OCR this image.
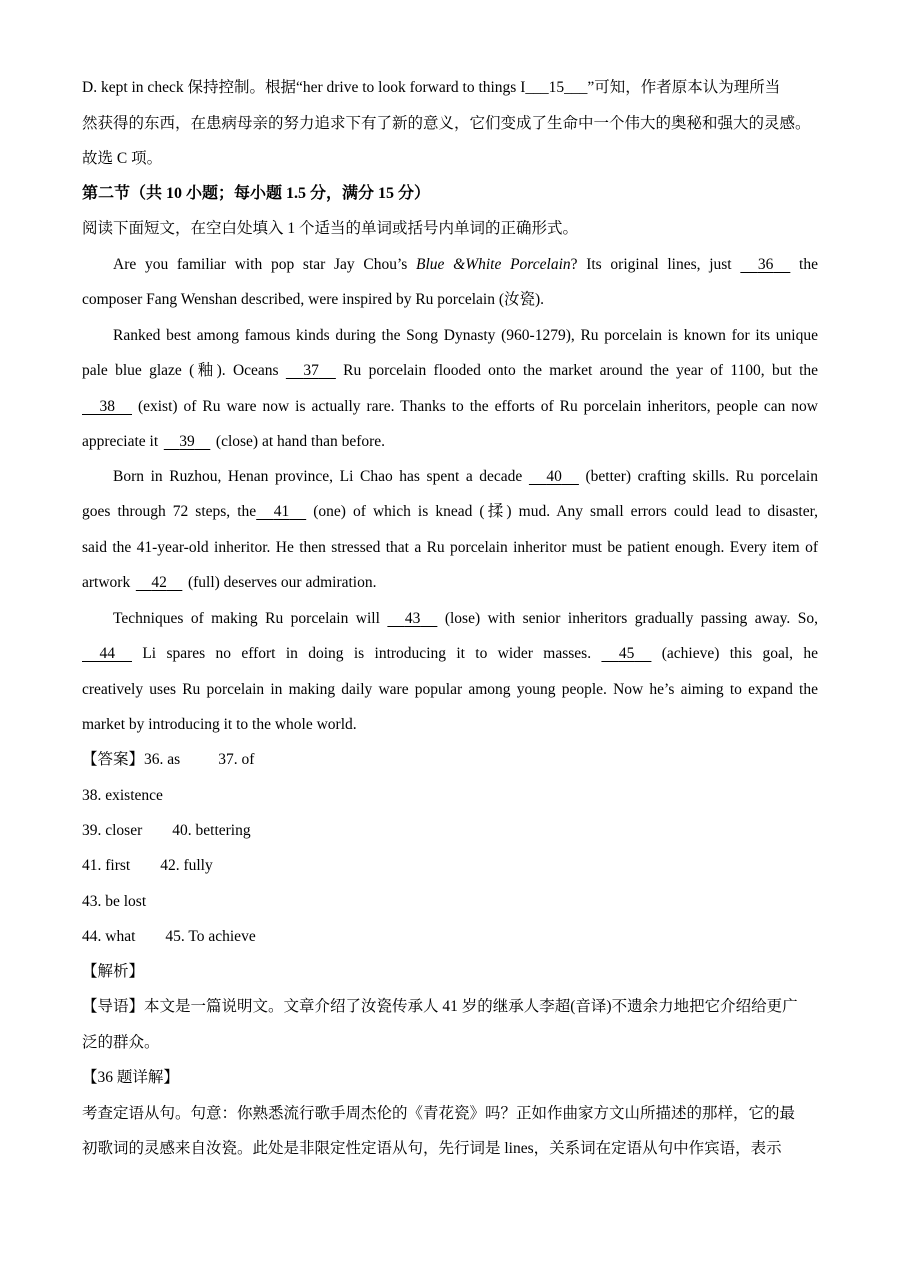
D. kept in check 保持控制。根据“her drive to look forward to things I___15___”可知，作者原本认为理所当
然获得的东西，在患病母亲的努力追求下有了新的意义，它们变成了生命中一个伟大的奥秘和强大的灵感。
故选 C 项。
第二节（共 10 小题；每小题 1.5 分，满分 15 分）
阅读下面短文，在空白处填入 1 个适当的单词或括号内单词的正确形式。
Are you familiar with pop star Jay Chou’s Blue &White Porcelain? Its original lines, just     36     the
composer Fang Wenshan described, were inspired by Ru porcelain (汝瓷).
Ranked best among famous kinds during the Song Dynasty (960-1279), Ru porcelain is known for its unique
pale blue glaze (釉). Oceans     37     Ru porcelain flooded onto the market around the year of 1100, but the
38     (exist) of Ru ware now is actually rare. Thanks to the efforts of Ru porcelain inheritors, people can now
appreciate it     39     (close) at hand than before.
Born in Ruzhou, Henan province, Li Chao has spent a decade     40     (better) crafting skills. Ru porcelain
goes through 72 steps, the 41     (one) of which is knead (揉) mud. Any small errors could lead to disaster,
said the 41-year-old inheritor. He then stressed that a Ru porcelain inheritor must be patient enough. Every item of
artwork     42     (full) deserves our admiration.
Techniques of making Ru porcelain will     43     (lose) with senior inheritors gradually passing away. So,
44     Li spares no effort in doing is introducing it to wider masses.     45     (achieve) this goal, he
creatively uses Ru porcelain in making daily ware popular among young people. Now he’s aiming to expand the
market by introducing it to the whole world.
【答案】36. as 37. of
38. existence
39. closer 40. bettering
41. first 42. fully
43. be lost
44. what 45. To achieve
【解析】
【导语】本文是一篇说明文。文章介绍了汝瓷传承人 41 岁的继承人李超(音译)不遗余力地把它介绍给更广
泛的群众。
【36 题详解】
考查定语从句。句意：你熟悉流行歌手周杰伦的《青花瓷》吗？正如作曲家方文山所描述的那样，它的最
初歌词的灵感来自汝瓷。此处是非限定性定语从句，先行词是 lines，关系词在定语从句中作宾语，表示
